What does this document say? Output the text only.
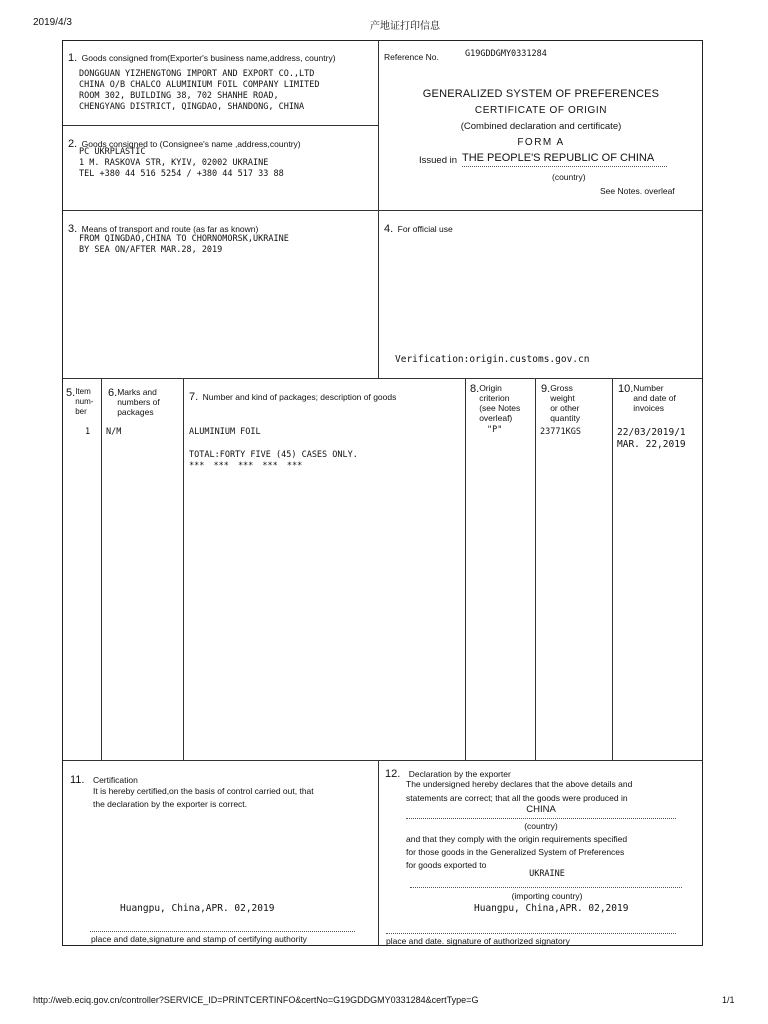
2019/4/3	产地证打印信息
http://web.eciq.gov.cn/controller?SERVICE_ID=PRINTCERTINFO&certNo=G19GDDGMY0331284&certType=G	1/1
1. Goods consigned from(Exporter's business name,address, country)
DONGGUAN YIZHENGTONG IMPORT AND EXPORT CO.,LTD
CHINA O/B CHALCO ALUMINIUM FOIL COMPANY LIMITED
ROOM 302, BUILDING 38, 702 SHANHE ROAD,
CHENGYANG DISTRICT, QINGDAO, SHANDONG, CHINA
Reference No.	G19GDDGMY0331284
GENERALIZED SYSTEM OF PREFERENCES
CERTIFICATE OF ORIGIN
(Combined declaration and certificate)
FORM A
Issued in THE PEOPLE'S REPUBLIC OF CHINA
(country)
See Notes. overleaf
2. Goods consigned to (Consignee's name ,address,country)
PC UKRPLASTIC
1 M. RASKOVA STR, KYIV, 02002 UKRAINE
TEL +380 44 516 5254 / +380 44 517 33 88
3. Means of transport and route (as far as known)
FROM QINGDAO,CHINA TO CHORNOMORSK,UKRAINE
BY SEA ON/AFTER MAR.28, 2019
4. For official use
Verification:origin.customs.gov.cn
5. Item
num-
ber
6. Marks and
numbers of
packages
7. Number and kind of packages; description of goods
8. Origin
criterion
(see Notes
overleaf)
9. Gross
weight
or other
quantity
10. Number
and date of
invoices
1 N/M	ALUMINIUM FOIL
TOTAL:FORTY FIVE (45) CASES ONLY.
*** *** *** *** ***
"P"	23771KGS	22/03/2019/1
MAR. 22,2019
11. Certification
It is hereby certified,on the basis of control carried out, that
the declaration by the exporter is correct.
Huangpu, China,APR. 02,2019
place and date,signature and stamp of certifying authority
12. Declaration by the exporter
The undersigned hereby declares that the above details and
statements are correct; that all the goods were produced in
CHINA
(country)
and that they comply with the origin requirements specified
for those goods in the Generalized System of Preferences
for goods exported to
UKRAINE
(importing country)
Huangpu, China,APR. 02,2019
place and date. signature of authorized signatory
